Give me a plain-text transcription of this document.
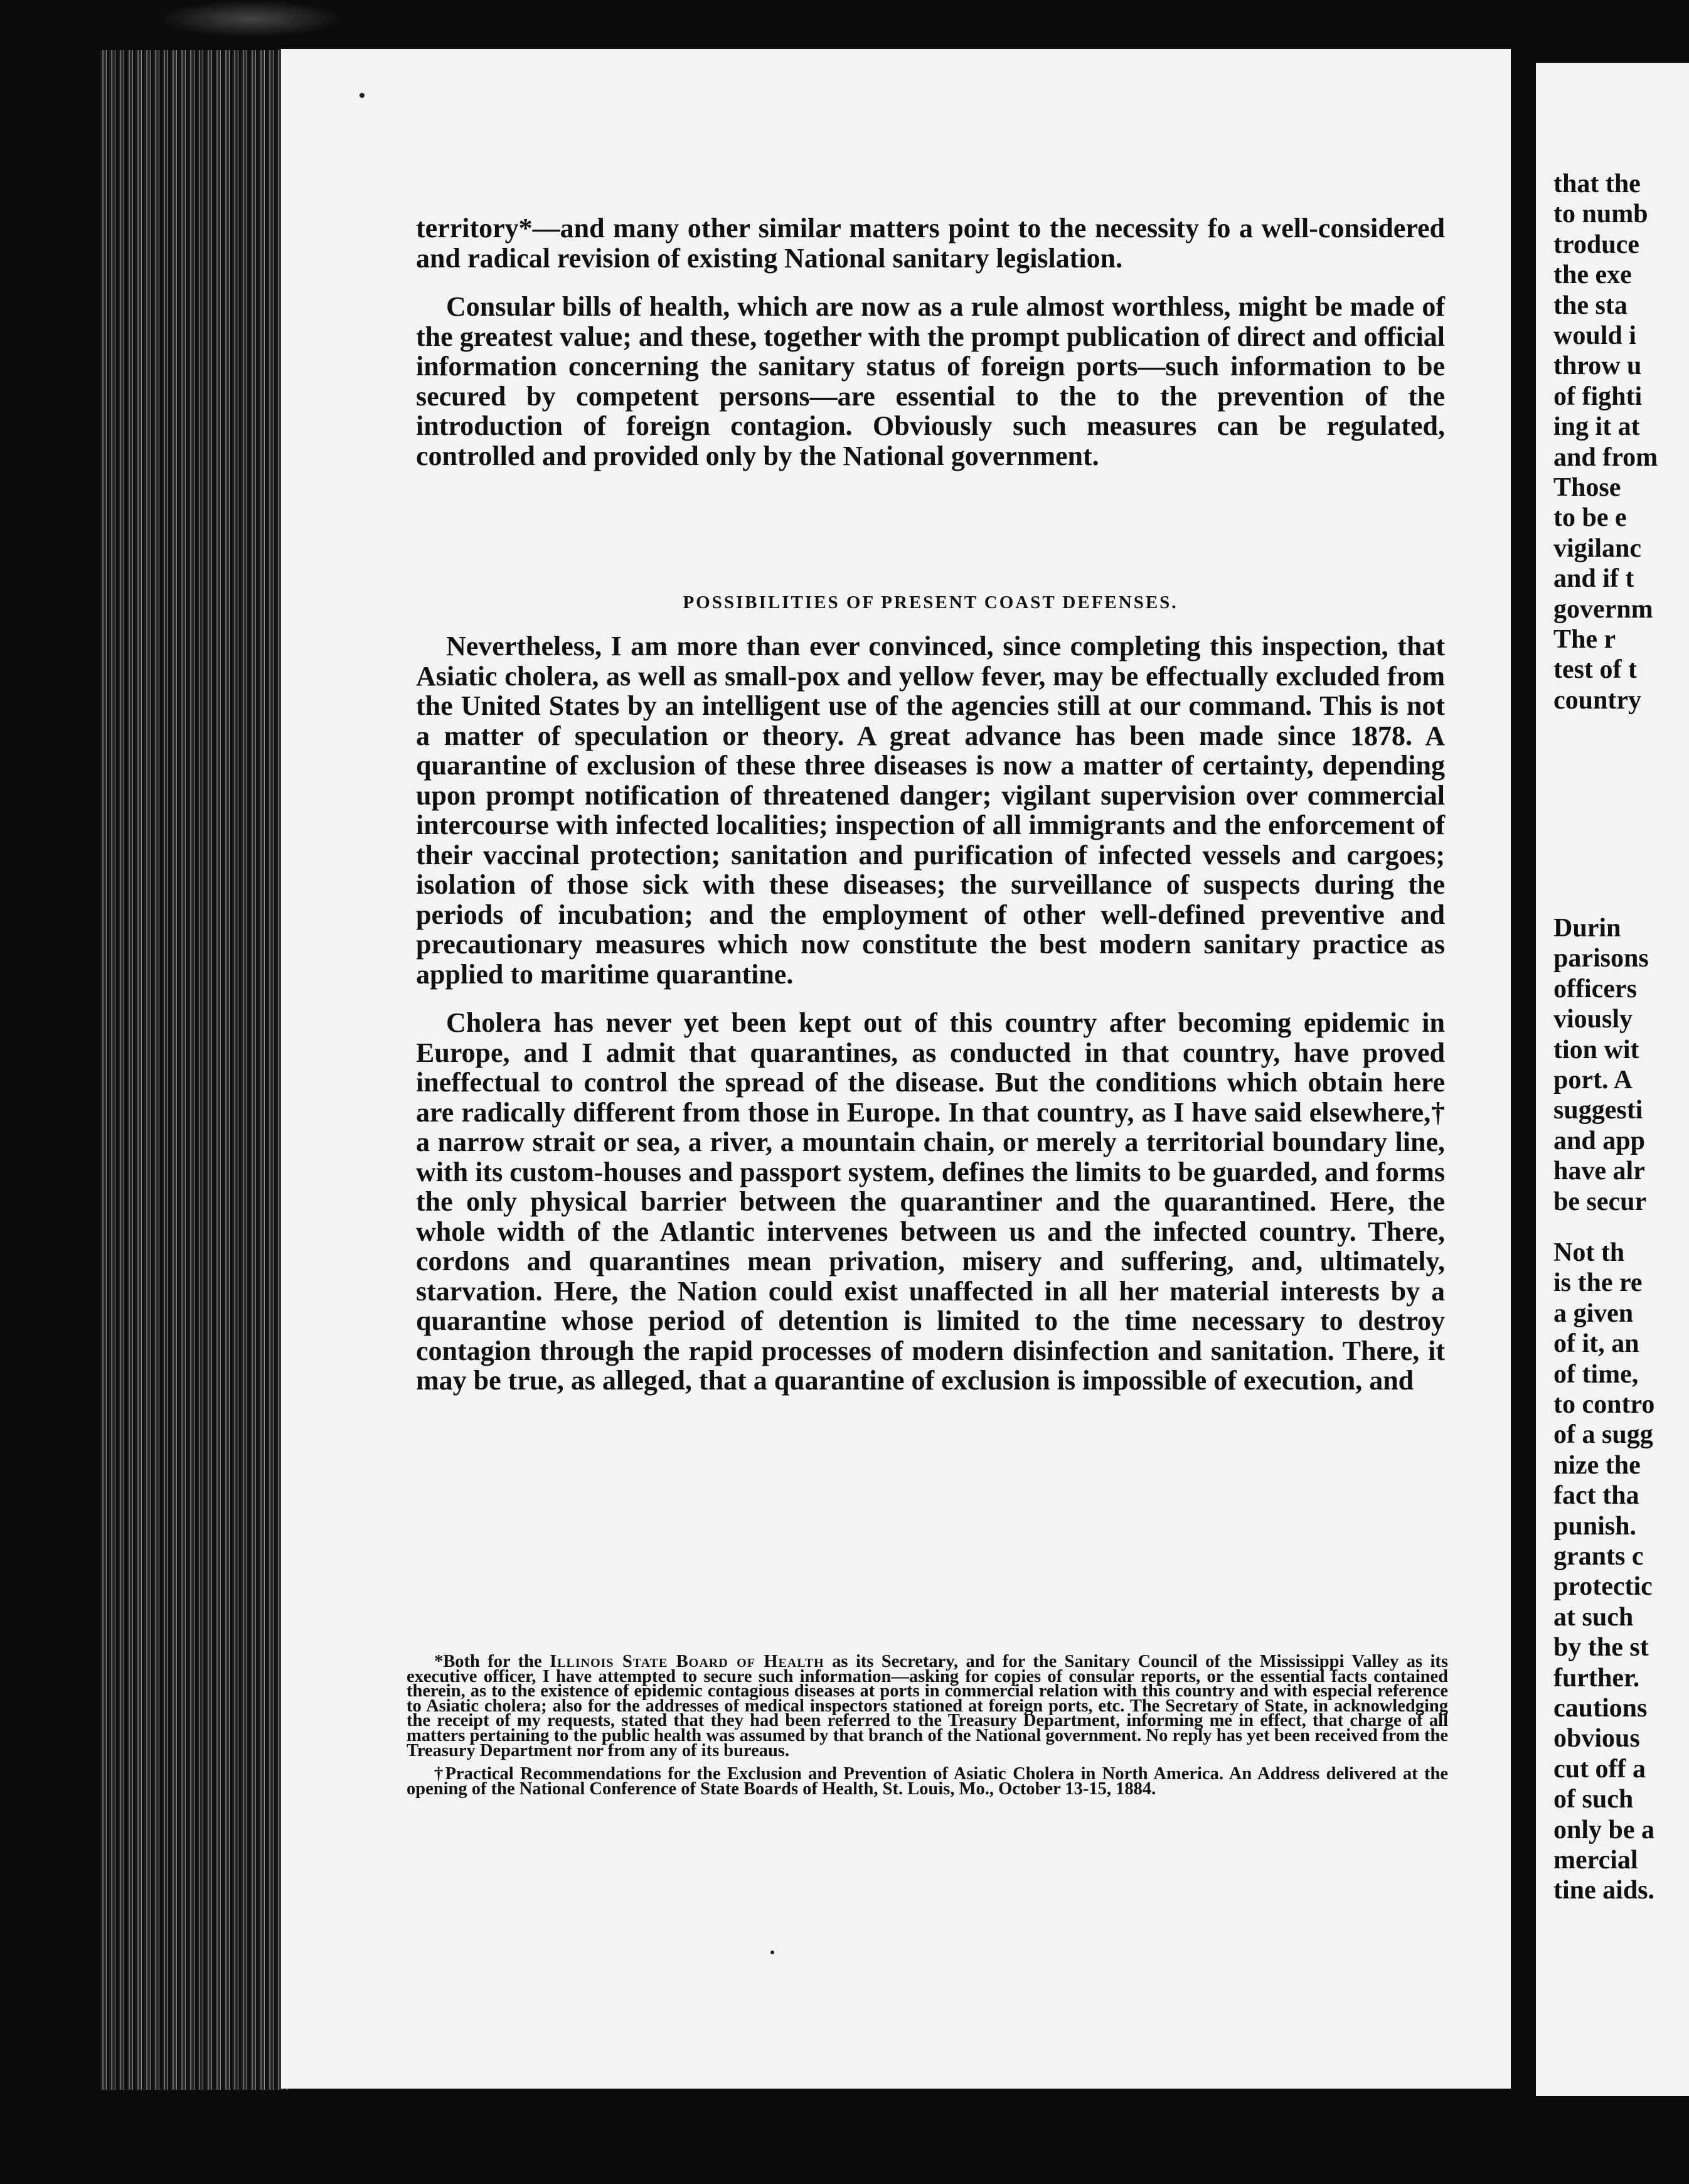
territory*—and many other similar matters point to the necessity fo a well-considered and radical revision of existing National sanitary legislation.

Consular bills of health, which are now as a rule almost worthless, might be made of the greatest value; and these, together with the prompt publication of direct and official information concerning the sanitary status of foreign ports—such information to be secured by competent persons—are essential to the to the prevention of the introduction of foreign contagion. Obviously such measures can be regulated, controlled and provided only by the National government.

POSSIBILITIES OF PRESENT COAST DEFENSES.

Nevertheless, I am more than ever convinced, since completing this inspection, that Asiatic cholera, as well as small-pox and yellow fever, may be effectually excluded from the United States by an intelligent use of the agencies still at our command. This is not a matter of speculation or theory. A great advance has been made since 1878. A quarantine of exclusion of these three diseases is now a matter of certainty, depending upon prompt notification of threatened danger; vigilant supervision over commercial intercourse with infected localities; inspection of all immigrants and the enforcement of their vaccinal protection; sanitation and purification of infected vessels and cargoes; isolation of those sick with these diseases; the surveillance of suspects during the periods of incubation; and the employment of other well-defined preventive and precautionary measures which now constitute the best modern sanitary practice as applied to maritime quarantine.

Cholera has never yet been kept out of this country after becoming epidemic in Europe, and I admit that quarantines, as conducted in that country, have proved ineffectual to control the spread of the disease. But the conditions which obtain here are radically different from those in Europe. In that country, as I have said elsewhere,† a narrow strait or sea, a river, a mountain chain, or merely a territorial boundary line, with its custom-houses and passport system, defines the limits to be guarded, and forms the only physical barrier between the quarantiner and the quarantined. Here, the whole width of the Atlantic intervenes between us and the infected country. There, cordons and quarantines mean privation, misery and suffering, and, ultimately, starvation. Here, the Nation could exist unaffected in all her material interests by a quarantine whose period of detention is limited to the time necessary to destroy contagion through the rapid processes of modern disinfection and sanitation. There, it may be true, as alleged, that a quarantine of exclusion is impossible of execution, and

*Both for the Illinois State Board of Health as its Secretary, and for the Sanitary Council of the Mississippi Valley as its executive officer, I have attempted to secure such information—asking for copies of consular reports, or the essential facts contained therein, as to the existence of epidemic contagious diseases at ports in commercial relation with this country and with especial reference to Asiatic cholera; also for the addresses of medical inspectors stationed at foreign ports, etc. The Secretary of State, in acknowledging the receipt of my requests, stated that they had been referred to the Treasury Department, informing me in effect, that charge of all matters pertaining to the public health was assumed by that branch of the National government. No reply has yet been received from the Treasury Department nor from any of its bureaus.

†Practical Recommendations for the Exclusion and Prevention of Asiatic Cholera in North America. An Address delivered at the opening of the National Conference of State Boards of Health, St. Louis, Mo., October 13-15, 1884.

that the
to numb
troduce
the exe
the sta
would i
throw u
of fighti
ing it at
and from
Those
to be e
vigilanc
and if t
governm
The r
test of t
country
Durin
parisons
officers
viously
tion wit
port. A
suggesti
and app
have alr
be secur
Not th
is the re
a given
of it, an
of time,
to contro
of a sugg
nize the
fact tha
punish.
grants c
protectic
at such
by the st
further.
cautions
obvious
cut off a
of such
only be a
mercial
tine aids.
